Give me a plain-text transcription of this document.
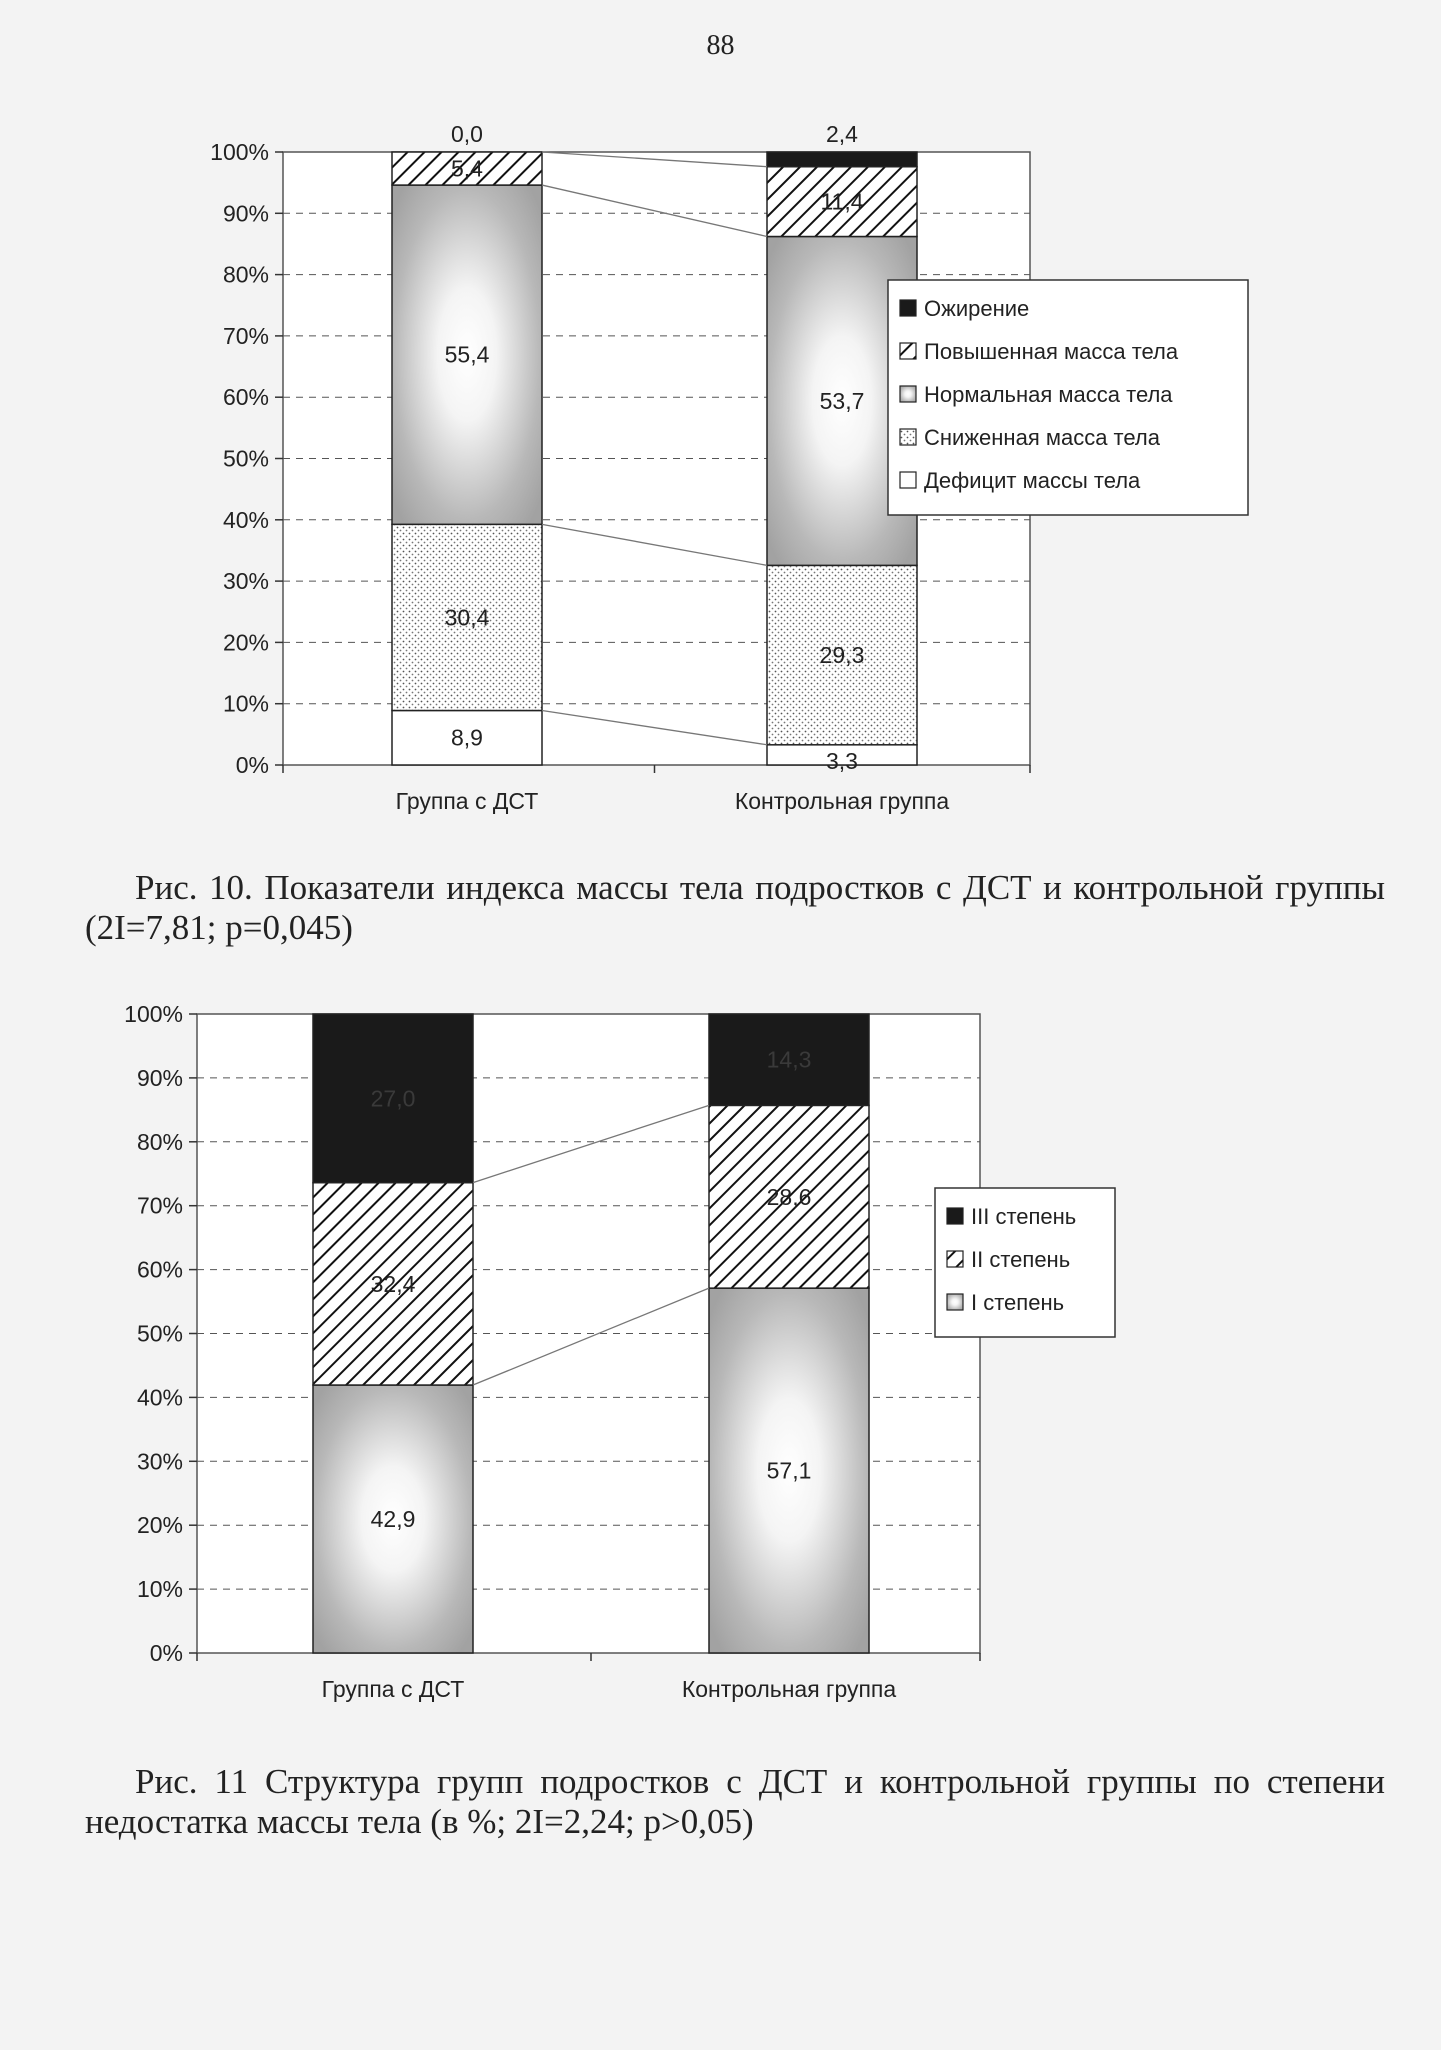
88
0%
10%
20%
30%
40%
50%
60%
70%
80%
90%
100%
8,9
30,4
55,4
5,4
0,0
3,3
29,3
53,7
11,4
2,4
Группа с ДСТ	Контрольная группа
Ожирение
Повышенная масса тела
Нормальная масса тела
Сниженная масса тела
Дефицит массы тела
Рис. 10. Показатели индекса массы тела подростков с ДСТ и контрольной группы (2I=7,81; p=0,045)
0%
10%
20%
30%
40%
50%
60%
70%
80%
90%
100%
42,9
32,4
27,0
57,1
28,6
14,3
Группа с ДСТ	Контрольная группа
III степень
II степень
I степень
Рис. 11 Структура групп подростков с ДСТ и контрольной группы по степени недостатка массы тела (в %; 2I=2,24; p>0,05)
